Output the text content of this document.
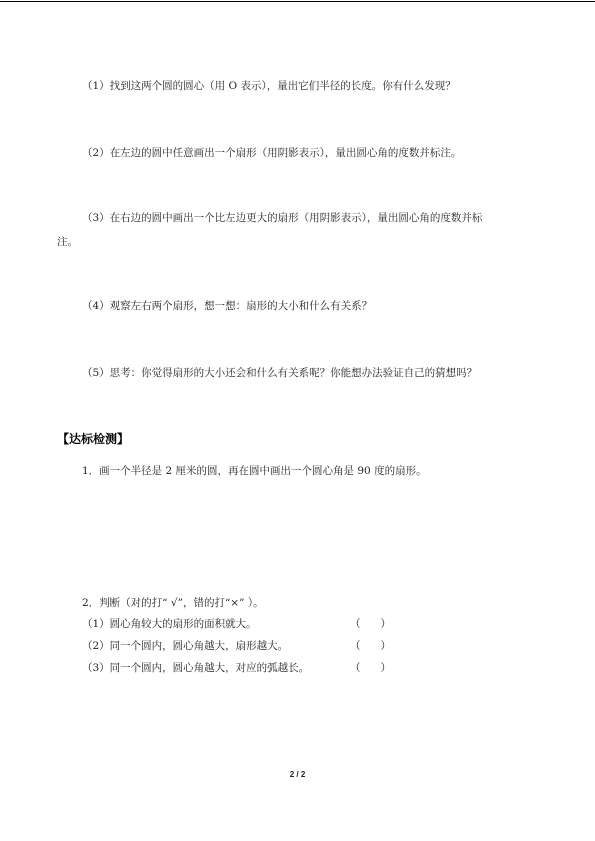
（1）找到这两个圆的圆心（用 O 表示），量出它们半径的长度。你有什么发现？
（2）在左边的圆中任意画出一个扇形（用阴影表示），量出圆心角的度数并标注。
（3）在右边的圆中画出一个比左边更大的扇形（用阴影表示），量出圆心角的度数并标
注。
（4）观察左右两个扇形，想一想：扇形的大小和什么有关系？
（5）思考：你觉得扇形的大小还会和什么有关系呢？你能想办法验证自己的猜想吗？
【达标检测】
1．画一个半径是 2 厘米的圆，再在圆中画出一个圆心角是 90 度的扇形。
2．判断（对的打“ √”，错的打“×” ）。
（1）圆心角较大的扇形的面积就大。	（      ）
（2）同一个圆内，圆心角越大，扇形越大。	（      ）
（3）同一个圆内，圆心角越大，对应的弧越长。	（      ）
2 / 2
